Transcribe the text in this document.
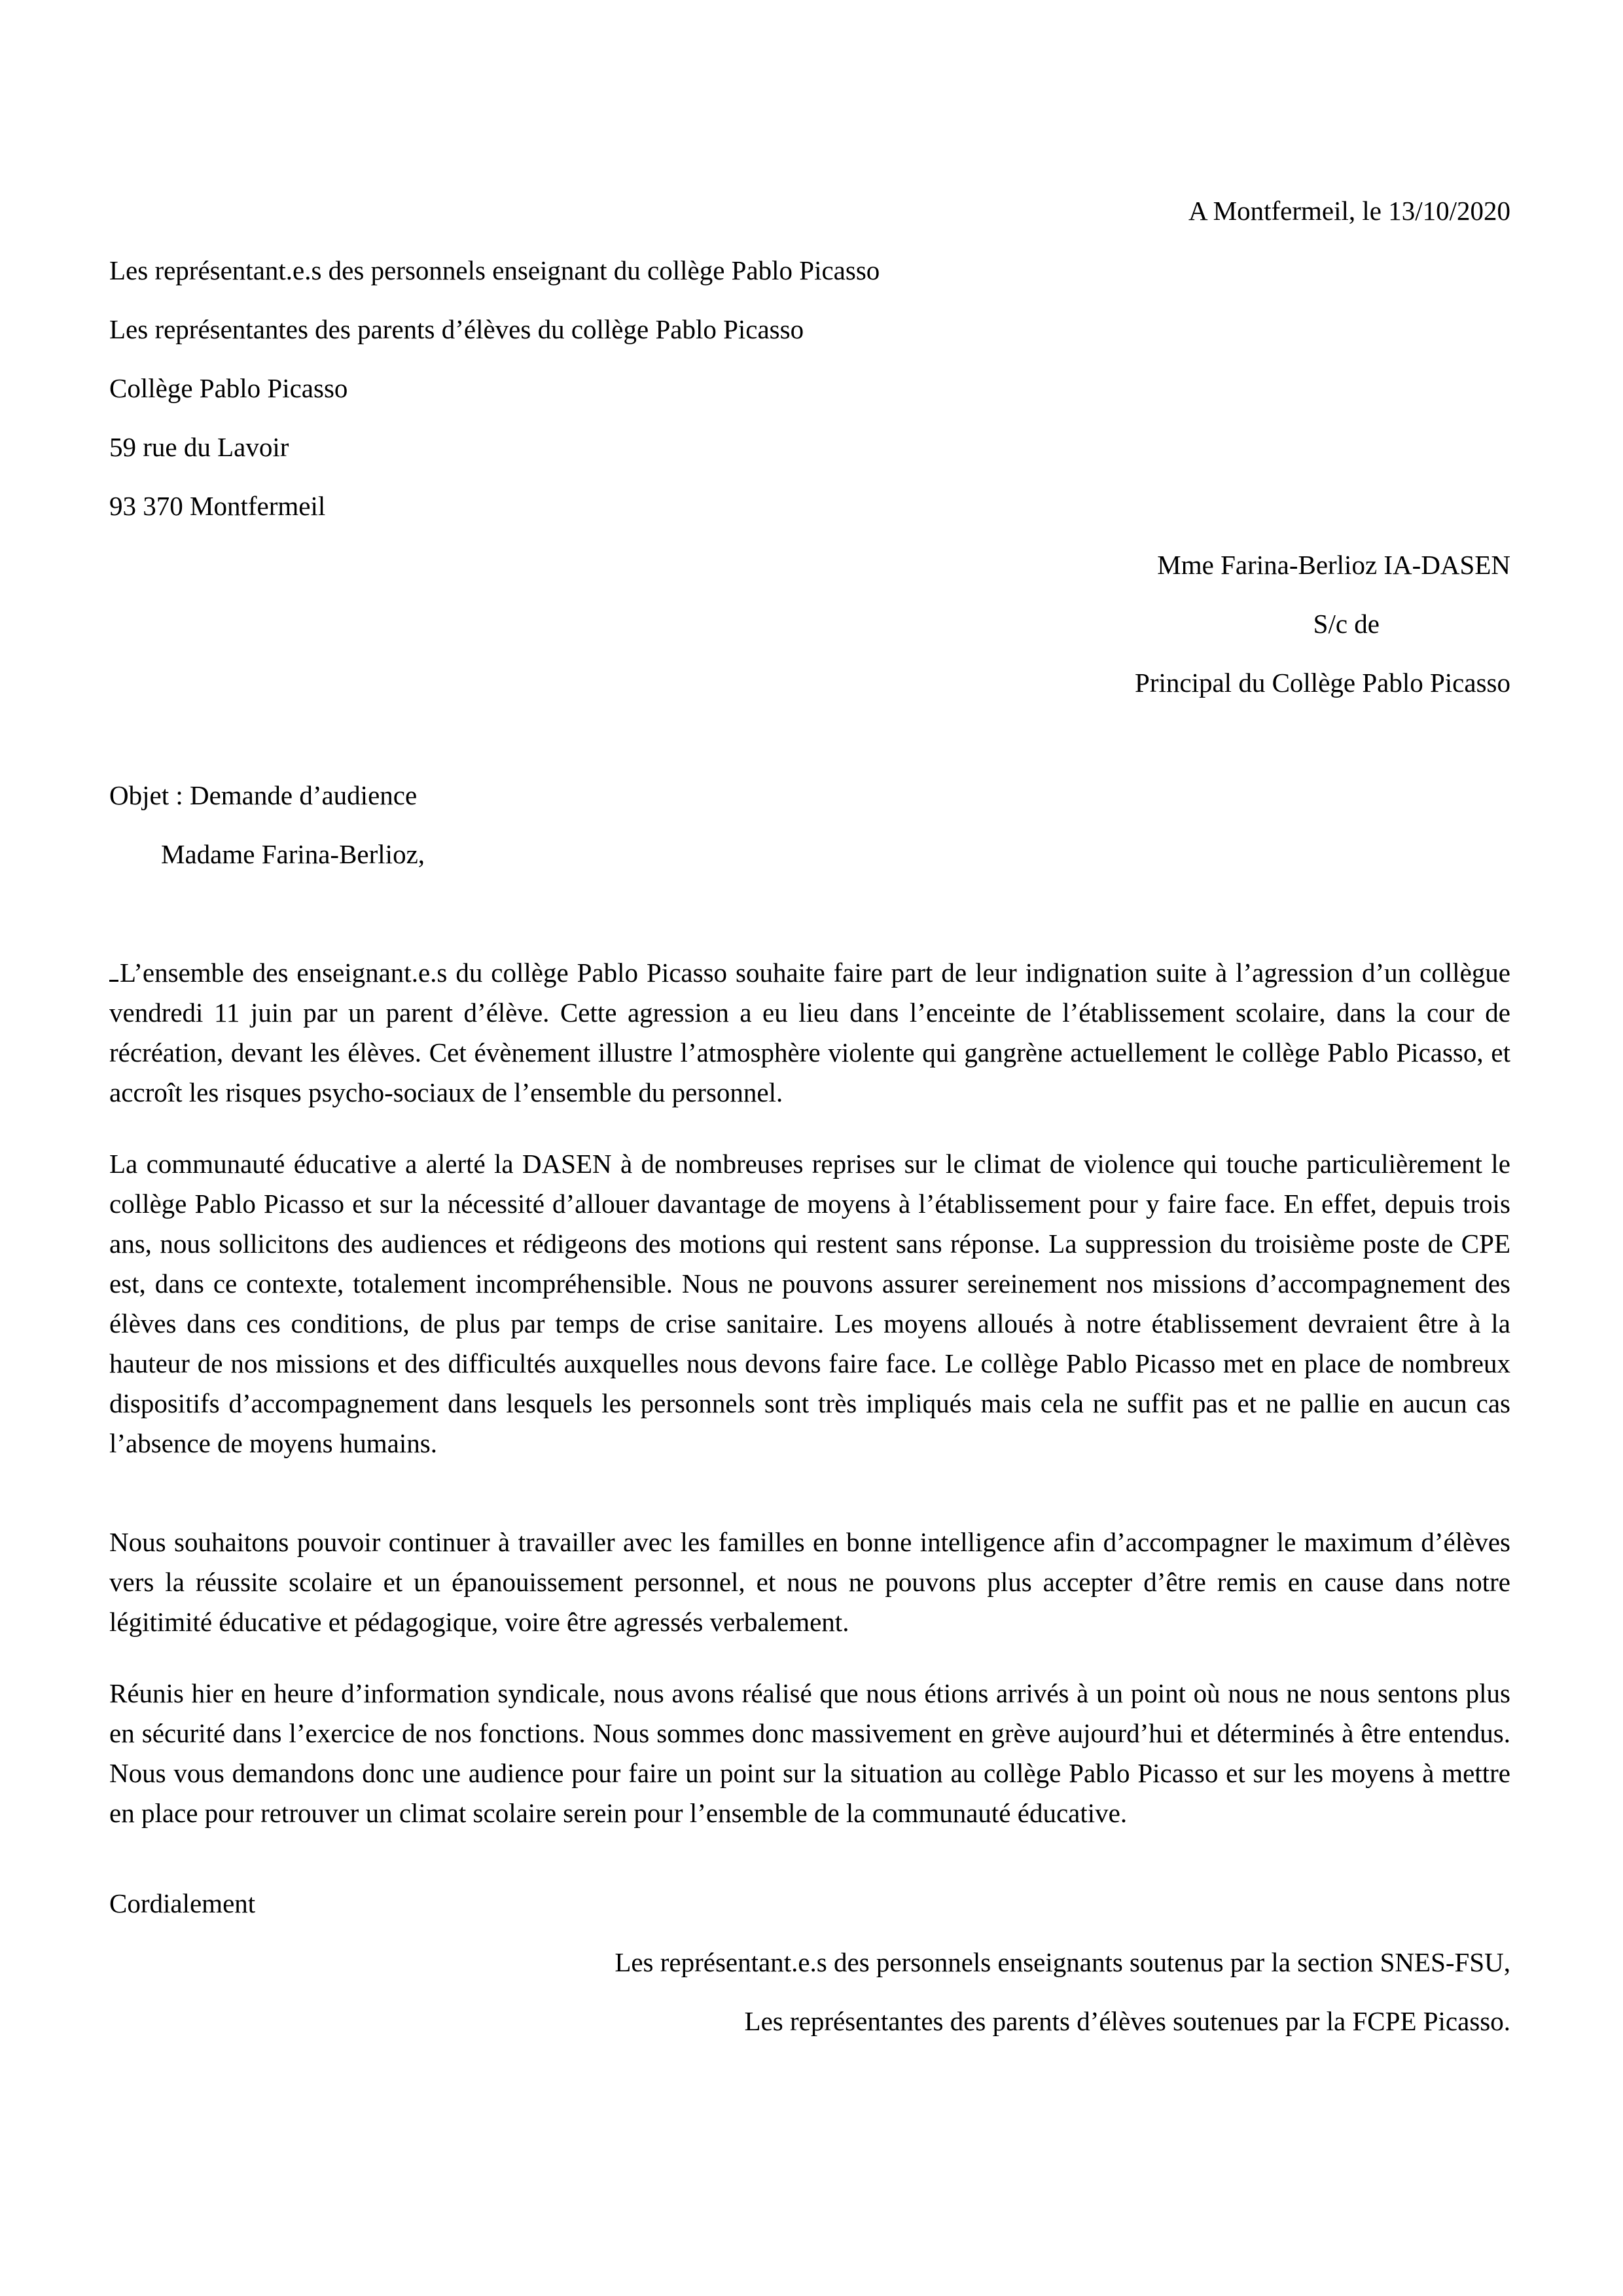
A Montfermeil, le 13/10/2020
Les représentant.e.s des personnels enseignant du collège Pablo Picasso
Les représentantes des parents d’élèves du collège Pablo Picasso
Collège Pablo Picasso
59 rue du Lavoir
93 370 Montfermeil
Mme Farina-Berlioz IA-DASEN
S/c de
Principal du Collège Pablo Picasso
Objet : Demande d’audience
Madame Farina-Berlioz,

L’ensemble des enseignant.e.s du collège Pablo Picasso souhaite faire part de leur indignation suite à l’agression d’un collègue vendredi 11 juin par un parent d’élève. Cette agression a eu lieu dans l’enceinte de l’établissement scolaire, dans la cour de récréation, devant les élèves. Cet évènement illustre l’atmosphère violente qui gangrène actuellement le collège Pablo Picasso, et accroît les risques psycho-sociaux de l’ensemble du personnel.

La communauté éducative a alerté la DASEN à de nombreuses reprises sur le climat de violence qui touche particulièrement le collège Pablo Picasso et sur la nécessité d’allouer davantage de moyens à l’établissement pour y faire face. En effet, depuis trois ans, nous sollicitons des audiences et rédigeons des motions qui restent sans réponse. La suppression du troisième poste de CPE est, dans ce contexte, totalement incompréhensible. Nous ne pouvons assurer sereinement nos missions d’accompagnement des élèves dans ces conditions, de plus par temps de crise sanitaire. Les moyens alloués à notre établissement devraient être à la hauteur de nos missions et des difficultés auxquelles nous devons faire face. Le collège Pablo Picasso met en place de nombreux dispositifs d’accompagnement dans lesquels les personnels sont très impliqués mais cela ne suffit pas et ne pallie en aucun cas l’absence de moyens humains.

Nous souhaitons pouvoir continuer à travailler avec les familles en bonne intelligence afin d’accompagner le maximum d’élèves vers la réussite scolaire et un épanouissement personnel, et nous ne pouvons plus accepter d’être remis en cause dans notre légitimité éducative et pédagogique, voire être agressés verbalement.

Réunis hier en heure d’information syndicale, nous avons réalisé que nous étions arrivés à un point où nous ne nous sentons plus en sécurité dans l’exercice de nos fonctions. Nous sommes donc massivement en grève aujourd’hui et déterminés à être entendus. Nous vous demandons donc une audience pour faire un point sur la situation au collège Pablo Picasso et sur les moyens à mettre en place pour retrouver un climat scolaire serein pour l’ensemble de la communauté éducative.

Cordialement
Les représentant.e.s des personnels enseignants soutenus par la section SNES-FSU,
Les représentantes des parents d’élèves soutenues par la FCPE Picasso.
